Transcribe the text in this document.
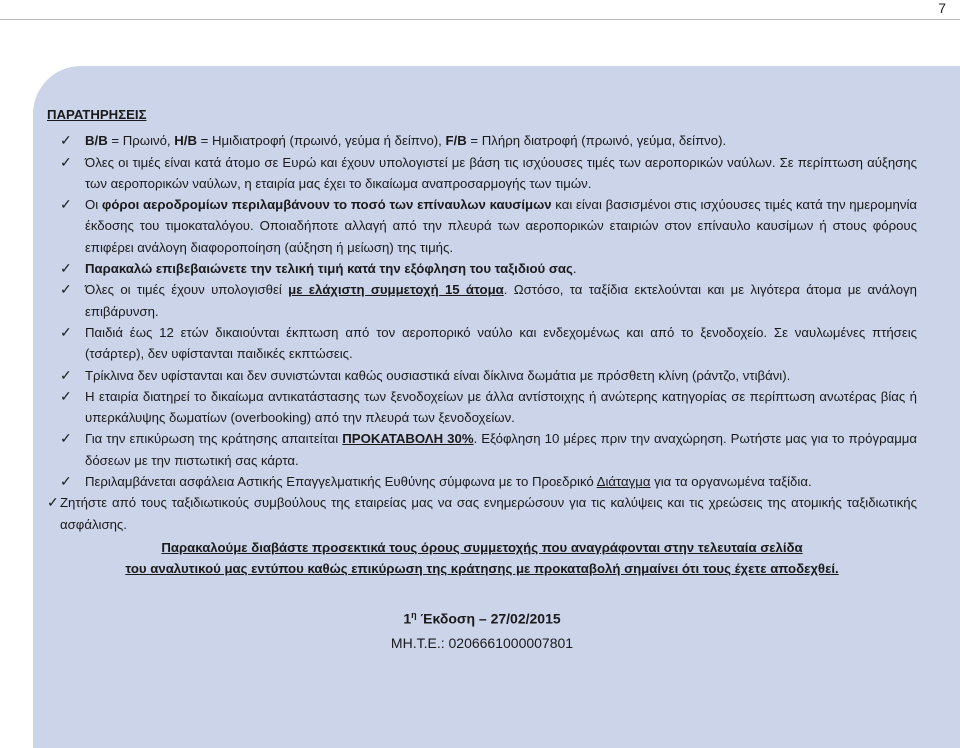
7
ΠΑΡΑΤΗΡΗΣΕΙΣ
✓ B/B = Πρωινό, H/B = Ημιδιατροφή (πρωινό, γεύμα ή δείπνο), F/B = Πλήρη διατροφή (πρωινό, γεύμα, δείπνο).
✓ Όλες οι τιμές είναι κατά άτομο σε Ευρώ και έχουν υπολογιστεί με βάση τις ισχύουσες τιμές των αεροπορικών ναύλων. Σε περίπτωση αύξησης των αεροπορικών ναύλων, η εταιρία μας έχει το δικαίωμα αναπροσαρμογής των τιμών.
✓ Οι φόροι αεροδρομίων περιλαμβάνουν το ποσό των επίναυλων καυσίμων και είναι βασισμένοι στις ισχύουσες τιμές κατά την ημερομηνία έκδοσης του τιμοκαταλόγου. Οποιαδήποτε αλλαγή από την πλευρά των αεροπορικών εταιριών στον επίναυλο καυσίμων ή στους φόρους επιφέρει ανάλογη διαφοροποίηση (αύξηση ή μείωση) της τιμής.
✓ Παρακαλώ επιβεβαιώνετε την τελική τιμή κατά την εξόφληση του ταξιδιού σας.
✓ Όλες οι τιμές έχουν υπολογισθεί με ελάχιστη συμμετοχή 15 άτομα. Ωστόσο, τα ταξίδια εκτελούνται και με λιγότερα άτομα με ανάλογη επιβάρυνση.
✓ Παιδιά έως 12 ετών δικαιούνται έκπτωση από τον αεροπορικό ναύλο και ενδεχομένως και από το ξενοδοχείο. Σε ναυλωμένες πτήσεις (τσάρτερ), δεν υφίστανται παιδικές εκπτώσεις.
✓ Τρίκλινα δεν υφίστανται και δεν συνιστώνται καθώς ουσιαστικά είναι δίκλινα δωμάτια με πρόσθετη κλίνη (ράντζο, ντιβάνι).
✓ Η εταιρία διατηρεί το δικαίωμα αντικατάστασης των ξενοδοχείων με άλλα αντίστοιχης ή ανώτερης κατηγορίας σε περίπτωση ανωτέρας βίας ή υπερκάλυψης δωματίων (overbooking) από την πλευρά των ξενοδοχείων.
✓ Για την επικύρωση της κράτησης απαιτείται ΠΡΟΚΑΤΑΒΟΛΗ 30%. Εξόφληση 10 μέρες πριν την αναχώρηση. Ρωτήστε μας για το πρόγραμμα δόσεων με την πιστωτική σας κάρτα.
✓ Περιλαμβάνεται ασφάλεια Αστικής Επαγγελματικής Ευθύνης σύμφωνα με το Προεδρικό Διάταγμα για τα οργανωμένα ταξίδια.
✓ Ζητήστε από τους ταξιδιωτικούς συμβούλους της εταιρείας μας να σας ενημερώσουν για τις καλύψεις και τις χρεώσεις της ατομικής ταξιδιωτικής ασφάλισης.
Παρακαλούμε διαβάστε προσεκτικά τους όρους συμμετοχής που αναγράφονται στην τελευταία σελίδα
του αναλυτικού μας εντύπου καθώς επικύρωση της κράτησης με προκαταβολή σημαίνει ότι τους έχετε αποδεχθεί.
$1^\eta$ Έκδοση – 27/02/2015
ΜΗ.Τ.Ε.: 0206661000007801
